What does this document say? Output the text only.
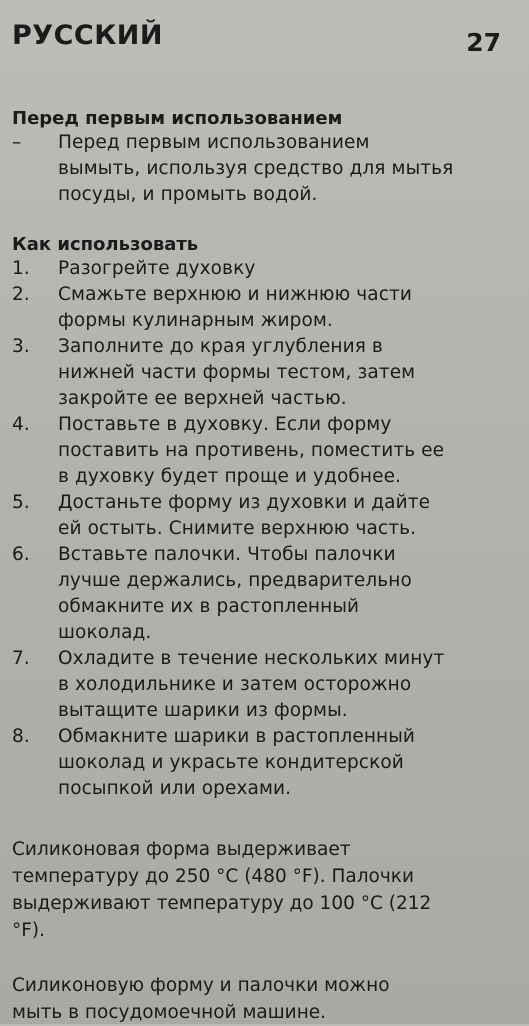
РУССКИЙ	27
Перед первым использованием
–	Перед первым использованием
вымыть, используя средство для мытья
посуды, и промыть водой.
Как использовать
1.	Разогрейте духовку
2.	Смажьте верхнюю и нижнюю части
формы кулинарным жиром.
3.	Заполните до края углубления в
нижней части формы тестом, затем
закройте ее верхней частью.
4.	Поставьте в духовку. Если форму
поставить на противень, поместить ее
в духовку будет проще и удобнее.
5.	Достаньте форму из духовки и дайте
ей остыть. Снимите верхнюю часть.
6.	Вставьте палочки. Чтобы палочки
лучше держались, предварительно
обмакните их в растопленный
шоколад.
7.	Охладите в течение нескольких минут
в холодильнике и затем осторожно
вытащите шарики из формы.
8.	Обмакните шарики в растопленный
шоколад и украсьте кондитерской
посыпкой или орехами.
Силиконовая форма выдерживает
температуру до 250 °C (480 °F). Палочки
выдерживают температуру до 100 °C (212
°F).
Силиконовую форму и палочки можно
мыть в посудомоечной машине.
